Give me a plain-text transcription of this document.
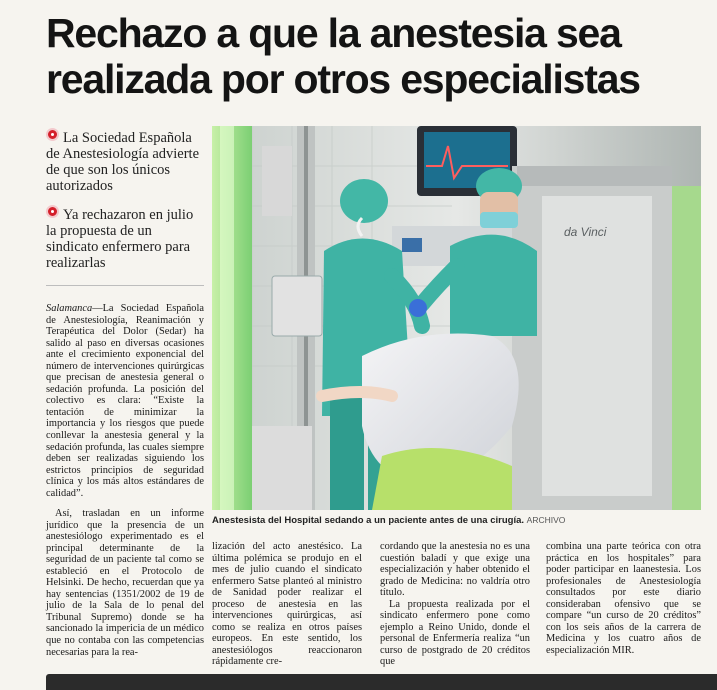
Rechazo a que la anestesia sea realizada por otros especialistas

La Sociedad Española de Anestesiología advierte de que son los únicos autorizados

Ya rechazaron en julio la propuesta de un sindicato enfermero para realizarlas

da Vinci
Anestesista del Hospital sedando a un paciente antes de una cirugía. ARCHIVO

Salamanca—La Sociedad Española de Anestesiología, Reanimación y Terapéutica del Dolor (Sedar) ha salido al paso en diversas ocasiones ante el crecimiento exponencial del número de intervenciones quirúrgicas que precisan de anestesia general o sedación profunda. La posición del colectivo es clara: “Existe la tentación de minimizar la importancia y los riesgos que puede conllevar la anestesia general y la sedación profunda, las cuales siempre deben ser realizadas siguiendo los estrictos principios de seguridad clínica y los más altos estándares de calidad”.

Así, trasladan en un informe jurídico que la presencia de un anestesiólogo experimentado es el principal determinante de la seguridad de un paciente tal como se estableció en el Protocolo de Helsinki. De hecho, recuerdan que ya hay sentencias (1351/2002 de 19 de julio de la Sala de lo penal del Tribunal Supremo) donde se ha sancionado la impericia de un médico que no contaba con las competencias necesarias para la rea-

lización del acto anestésico. La última polémica se produjo en el mes de julio cuando el sindicato enfermero Satse planteó al ministro de Sanidad poder realizar el proceso de anestesia en las intervenciones quirúrgicas, así como se realiza en otros países europeos. En este sentido, los anestesiólogos reaccionaron rápidamente cre-

cordando que la anestesia no es una cuestión baladí y que exige una especialización y haber obtenido el grado de Medicina: no valdría otro título.

La propuesta realizada por el sindicato enfermero pone como ejemplo a Reino Unido, donde el personal de Enfermería realiza “un curso de postgrado de 20 créditos que

combina una parte teórica con otra práctica en los hospitales” para poder participar en laanestesia. Los profesionales de Anestesiología consultados por este diario consideraban ofensivo que se compare “un curso de 20 créditos” con los seis años de la carrera de Medicina y los cuatro años de especialización MIR.
